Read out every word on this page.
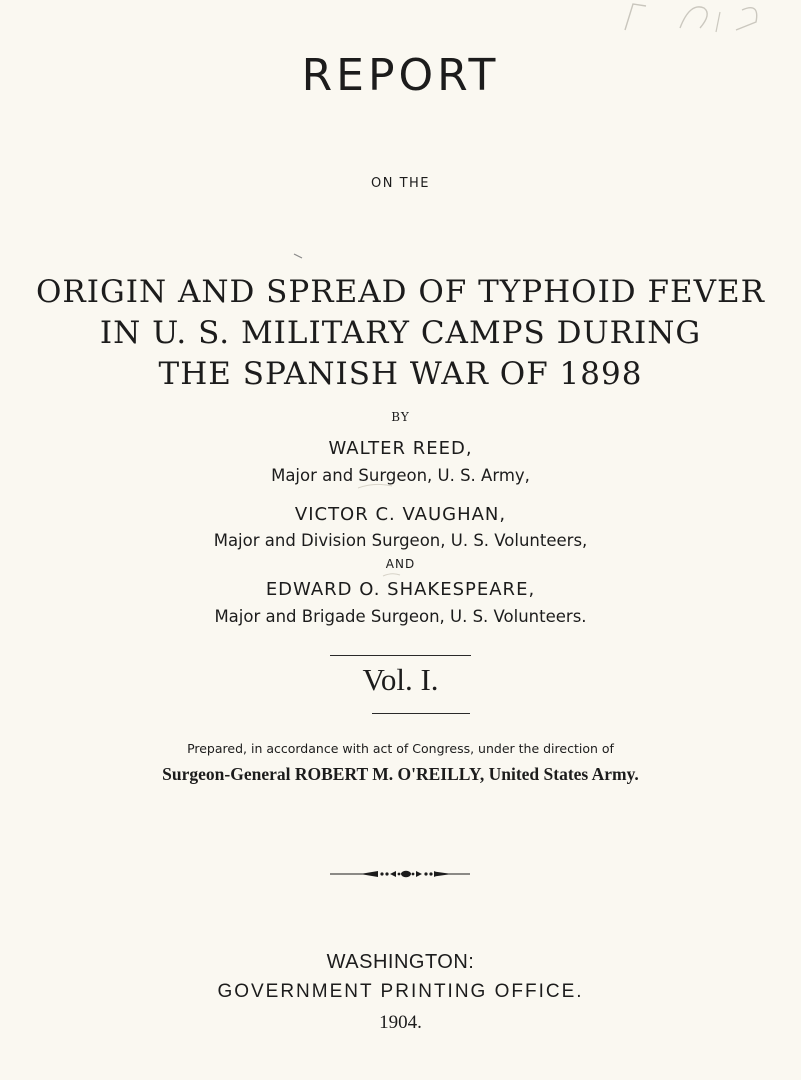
REPORT
ON THE
ORIGIN AND SPREAD OF TYPHOID FEVER
IN U. S. MILITARY CAMPS DURING
THE SPANISH WAR OF 1898
BY
WALTER REED,
Major and Surgeon, U. S. Army,
VICTOR C. VAUGHAN,
Major and Division Surgeon, U. S. Volunteers,
AND
EDWARD O. SHAKESPEARE,
Major and Brigade Surgeon, U. S. Volunteers.
Vol. I.
Prepared, in accordance with act of Congress, under the direction of
Surgeon-General ROBERT M. O'REILLY, United States Army.
WASHINGTON:
GOVERNMENT PRINTING OFFICE.
1904.
